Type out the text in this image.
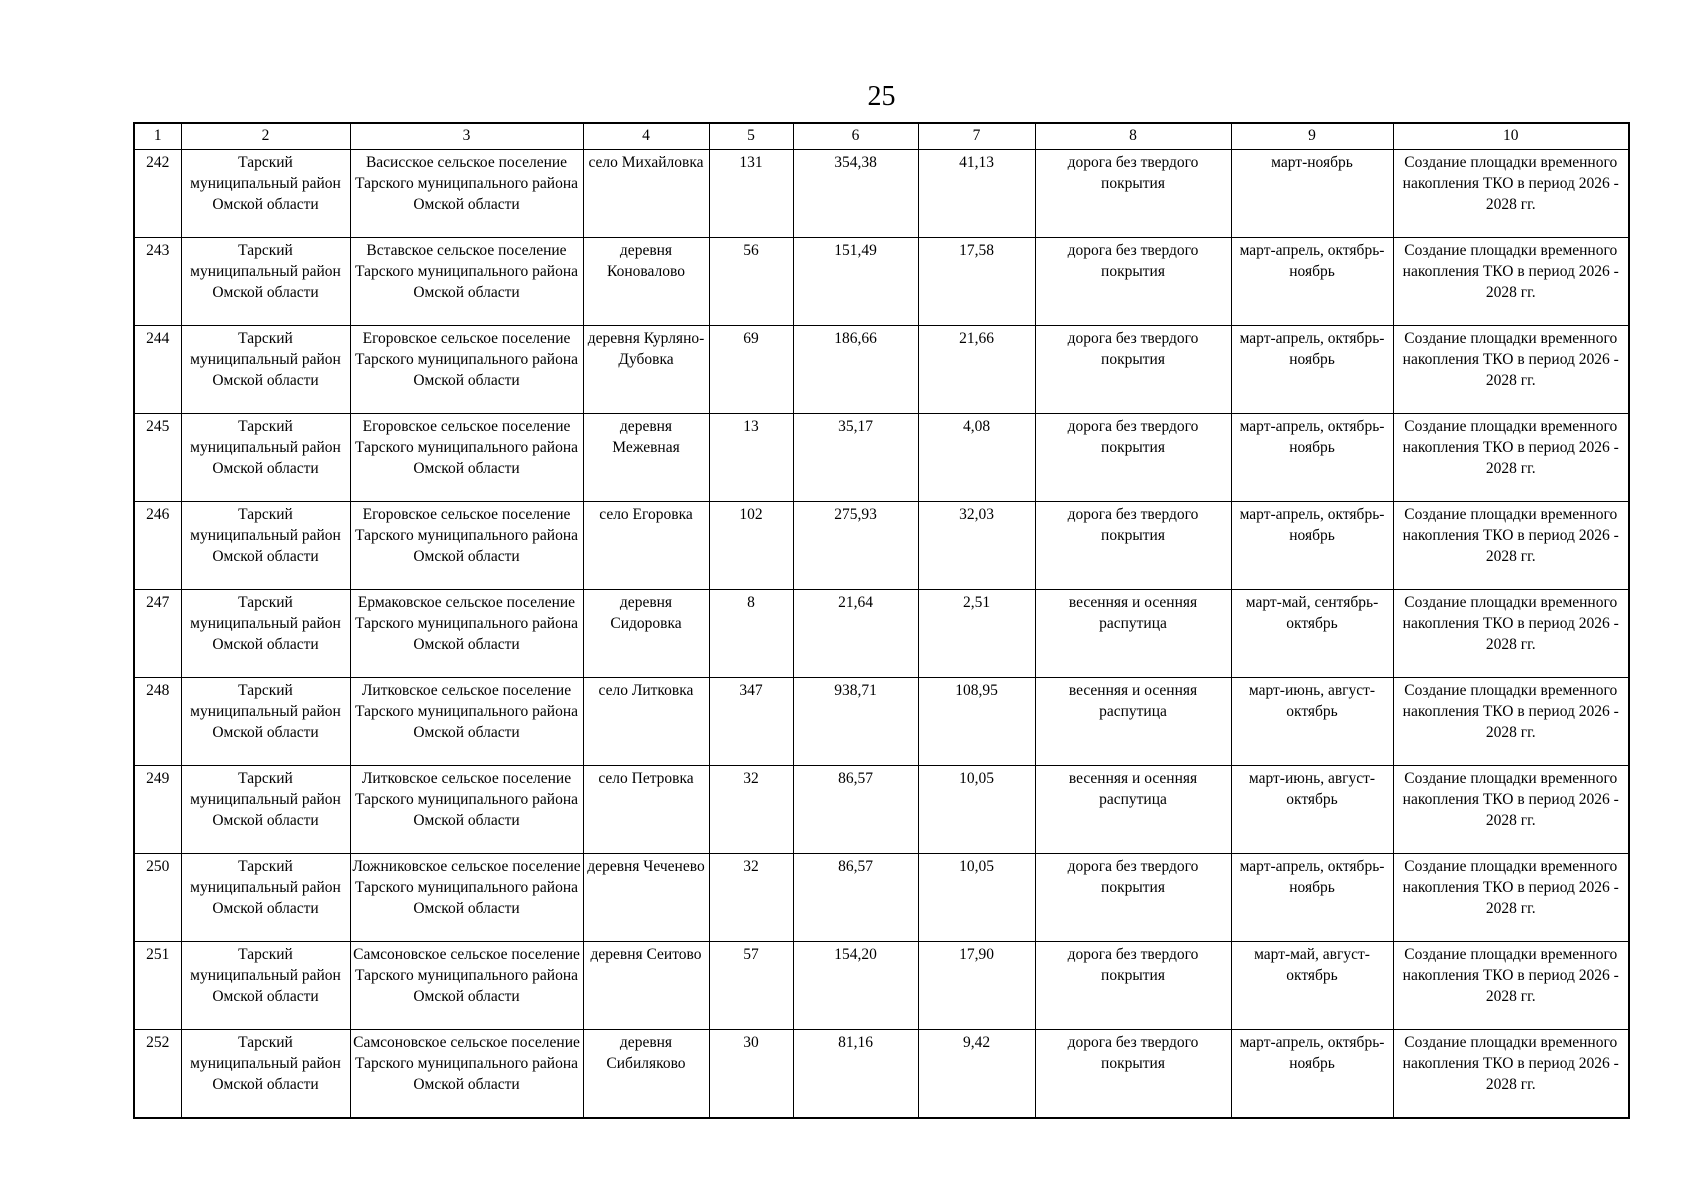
25
1	2	3	4	5	6	7	8	9	10
242	Тарский муниципальный район Омской области	Васисское сельское поселение Тарского муниципального района Омской области	село Михайловка	131	354,38	41,13	дорога без твердого покрытия	март-ноябрь	Создание площадки временного накопления ТКО в период 2026 - 2028 гг.
243	Тарский муниципальный район Омской области	Вставское сельское поселение Тарского муниципального района Омской области	деревня Коновалово	56	151,49	17,58	дорога без твердого покрытия	март-апрель, октябрь-ноябрь	Создание площадки временного накопления ТКО в период 2026 - 2028 гг.
244	Тарский муниципальный район Омской области	Егоровское сельское поселение Тарского муниципального района Омской области	деревня Курляно-Дубовка	69	186,66	21,66	дорога без твердого покрытия	март-апрель, октябрь-ноябрь	Создание площадки временного накопления ТКО в период 2026 - 2028 гг.
245	Тарский муниципальный район Омской области	Егоровское сельское поселение Тарского муниципального района Омской области	деревня Межевная	13	35,17	4,08	дорога без твердого покрытия	март-апрель, октябрь-ноябрь	Создание площадки временного накопления ТКО в период 2026 - 2028 гг.
246	Тарский муниципальный район Омской области	Егоровское сельское поселение Тарского муниципального района Омской области	село Егоровка	102	275,93	32,03	дорога без твердого покрытия	март-апрель, октябрь-ноябрь	Создание площадки временного накопления ТКО в период 2026 - 2028 гг.
247	Тарский муниципальный район Омской области	Ермаковское сельское поселение Тарского муниципального района Омской области	деревня Сидоровка	8	21,64	2,51	весенняя и осенняя распутица	март-май, сентябрь-октябрь	Создание площадки временного накопления ТКО в период 2026 - 2028 гг.
248	Тарский муниципальный район Омской области	Литковское сельское поселение Тарского муниципального района Омской области	село Литковка	347	938,71	108,95	весенняя и осенняя распутица	март-июнь, август-октябрь	Создание площадки временного накопления ТКО в период 2026 - 2028 гг.
249	Тарский муниципальный район Омской области	Литковское сельское поселение Тарского муниципального района Омской области	село Петровка	32	86,57	10,05	весенняя и осенняя распутица	март-июнь, август-октябрь	Создание площадки временного накопления ТКО в период 2026 - 2028 гг.
250	Тарский муниципальный район Омской области	Ложниковское сельское поселение Тарского муниципального района Омской области	деревня Чеченево	32	86,57	10,05	дорога без твердого покрытия	март-апрель, октябрь-ноябрь	Создание площадки временного накопления ТКО в период 2026 - 2028 гг.
251	Тарский муниципальный район Омской области	Самсоновское сельское поселение Тарского муниципального района Омской области	деревня Сеитово	57	154,20	17,90	дорога без твердого покрытия	март-май, август-октябрь	Создание площадки временного накопления ТКО в период 2026 - 2028 гг.
252	Тарский муниципальный район Омской области	Самсоновское сельское поселение Тарского муниципального района Омской области	деревня Сибиляково	30	81,16	9,42	дорога без твердого покрытия	март-апрель, октябрь-ноябрь	Создание площадки временного накопления ТКО в период 2026 - 2028 гг.
